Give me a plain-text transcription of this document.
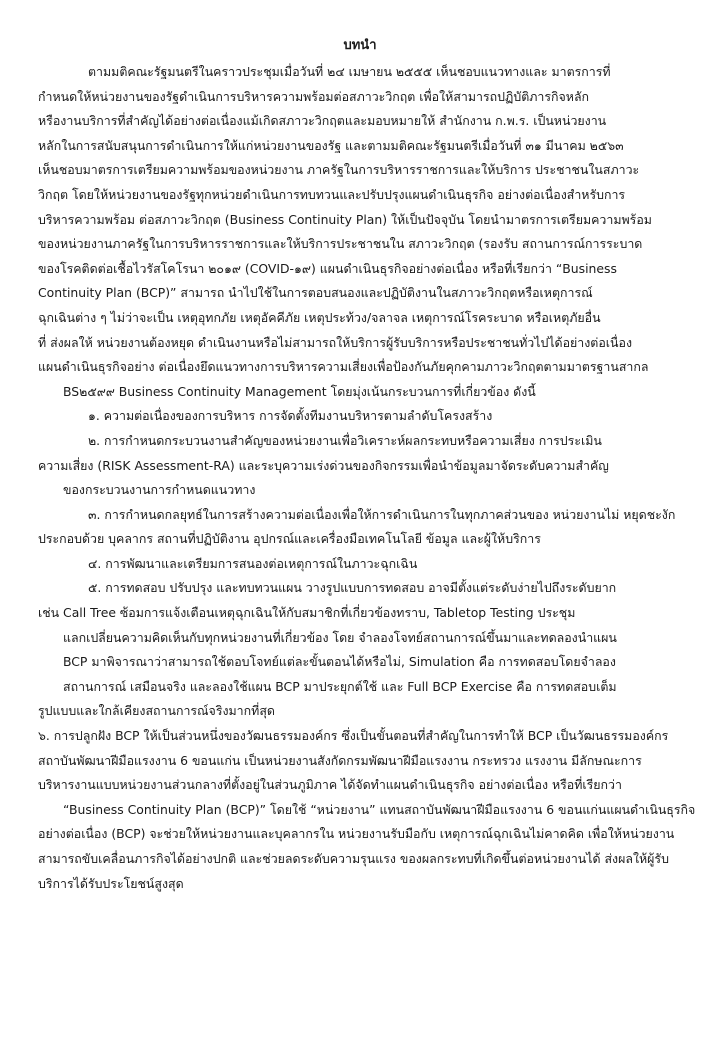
บทนำ
ตามมติคณะรัฐมนตรีในคราวประชุมเมื่อวันที่ ๒๔ เมษายน ๒๕๕๕ เห็นชอบแนวทางและ มาตรการที่
กำหนดให้หน่วยงานของรัฐดำเนินการบริหารความพร้อมต่อสภาวะวิกฤต เพื่อให้สามารถปฏิบัติภารกิจหลัก
หรืองานบริการที่สำคัญได้อย่างต่อเนื่องแม้เกิดสภาวะวิกฤตและมอบหมายให้ สำนักงาน ก.พ.ร. เป็นหน่วยงาน
หลักในการสนับสนุนการดำเนินการให้แก่หน่วยงานของรัฐ และตามมติคณะรัฐมนตรีเมื่อวันที่ ๓๑ มีนาคม ๒๕๖๓
เห็นชอบมาตรการเตรียมความพร้อมของหน่วยงาน ภาครัฐในการบริหารราชการและให้บริการ ประชาชนในสภาวะ
วิกฤต โดยให้หน่วยงานของรัฐทุกหน่วยดำเนินการทบทวนและปรับปรุงแผนดำเนินธุรกิจ อย่างต่อเนื่องสำหรับการ
บริหารความพร้อม ต่อสภาวะวิกฤต (Business Continuity Plan) ให้เป็นปัจจุบัน โดยนำมาตรการเตรียมความพร้อม
ของหน่วยงานภาครัฐในการบริหารราชการและให้บริการประชาชนใน สภาวะวิกฤต (รองรับ สถานการณ์การระบาด
ของโรคติดต่อเชื้อไวรัสโคโรนา ๒๐๑๙ (COVID-๑๙) แผนดำเนินธุรกิจอย่างต่อเนื่อง หรือที่เรียกว่า “Business
Continuity Plan (BCP)” สามารถ นำไปใช้ในการตอบสนองและปฏิบัติงานในสภาวะวิกฤตหรือเหตุการณ์
ฉุกเฉินต่าง ๆ ไม่ว่าจะเป็น เหตุอุทกภัย เหตุอัคคีภัย เหตุประท้วง/จลาจล เหตุการณ์โรคระบาด หรือเหตุภัยอื่น
ที่ ส่งผลให้ หน่วยงานต้องหยุด ดำเนินงานหรือไม่สามารถให้บริการผู้รับบริการหรือประชาชนทั่วไปได้อย่างต่อเนื่อง
แผนดำเนินธุรกิจอย่าง ต่อเนื่องยึดแนวทางการบริหารความเสี่ยงเพื่อป้องกันภัยคุกคามภาวะวิกฤตตามมาตรฐานสากล
BS๒๕๙๙ Business Continuity Management โดยมุ่งเน้นกระบวนการที่เกี่ยวข้อง ดังนี้
๑. ความต่อเนื่องของการบริหาร การจัดตั้งทีมงานบริหารตามลำดับโครงสร้าง
๒. การกำหนดกระบวนงานสำคัญของหน่วยงานเพื่อวิเคราะห์ผลกระทบหรือความเสี่ยง การประเมิน
ความเสี่ยง (RISK Assessment-RA) และระบุความเร่งด่วนของกิจกรรมเพื่อนำข้อมูลมาจัดระดับความสำคัญ
ของกระบวนงานการกำหนดแนวทาง
๓. การกำหนดกลยุทธ์ในการสร้างความต่อเนื่องเพื่อให้การดำเนินการในทุกภาคส่วนของ หน่วยงานไม่ หยุดชะงัก
ประกอบด้วย บุคลากร สถานที่ปฏิบัติงาน อุปกรณ์และเครื่องมือเทคโนโลยี ข้อมูล และผู้ให้บริการ
๔. การพัฒนาและเตรียมการสนองต่อเหตุการณ์ในภาวะฉุกเฉิน
๕. การทดสอบ ปรับปรุง และทบทวนแผน วางรูปแบบการทดสอบ อาจมีตั้งแต่ระดับง่ายไปถึงระดับยาก
เช่น Call Tree ซ้อมการแจ้งเตือนเหตุฉุกเฉินให้กับสมาชิกที่เกี่ยวข้องทราบ, Tabletop Testing ประชุม
แลกเปลี่ยนความคิดเห็นกับทุกหน่วยงานที่เกี่ยวข้อง โดย จำลองโจทย์สถานการณ์ขึ้นมาและทดลองนำแผน
BCP มาพิจารณาว่าสามารถใช้ตอบโจทย์แต่ละขั้นตอนได้หรือไม่, Simulation คือ การทดสอบโดยจำลอง
สถานการณ์ เสมือนจริง และลองใช้แผน BCP มาประยุกต์ใช้ และ Full BCP Exercise คือ การทดสอบเต็ม
รูปแบบและใกล้เคียงสถานการณ์จริงมากที่สุด
๖. การปลูกฝัง BCP ให้เป็นส่วนหนึ่งของวัฒนธรรมองค์กร ซึ่งเป็นขั้นตอนที่สำคัญในการทำให้ BCP เป็นวัฒนธรรมองค์กร
สถาบันพัฒนาฝีมือแรงงาน 6 ขอนแก่น เป็นหน่วยงานสังกัดกรมพัฒนาฝีมือแรงงาน กระทรวง แรงงาน มีลักษณะการ
บริหารงานแบบหน่วยงานส่วนกลางที่ตั้งอยู่ในส่วนภูมิภาค ได้จัดทำแผนดำเนินธุรกิจ อย่างต่อเนื่อง หรือที่เรียกว่า
“Business Continuity Plan (BCP)” โดยใช้ “หน่วยงาน” แทนสถาบันพัฒนาฝีมือแรงงาน 6 ขอนแก่นแผนดำเนินธุรกิจ
อย่างต่อเนื่อง (BCP) จะช่วยให้หน่วยงานและบุคลากรใน หน่วยงานรับมือกับ เหตุการณ์ฉุกเฉินไม่คาดคิด เพื่อให้หน่วยงาน
สามารถขับเคลื่อนภารกิจได้อย่างปกติ และช่วยลดระดับความรุนแรง ของผลกระทบที่เกิดขึ้นต่อหน่วยงานได้ ส่งผลให้ผู้รับ
บริการได้รับประโยชน์สูงสุด
